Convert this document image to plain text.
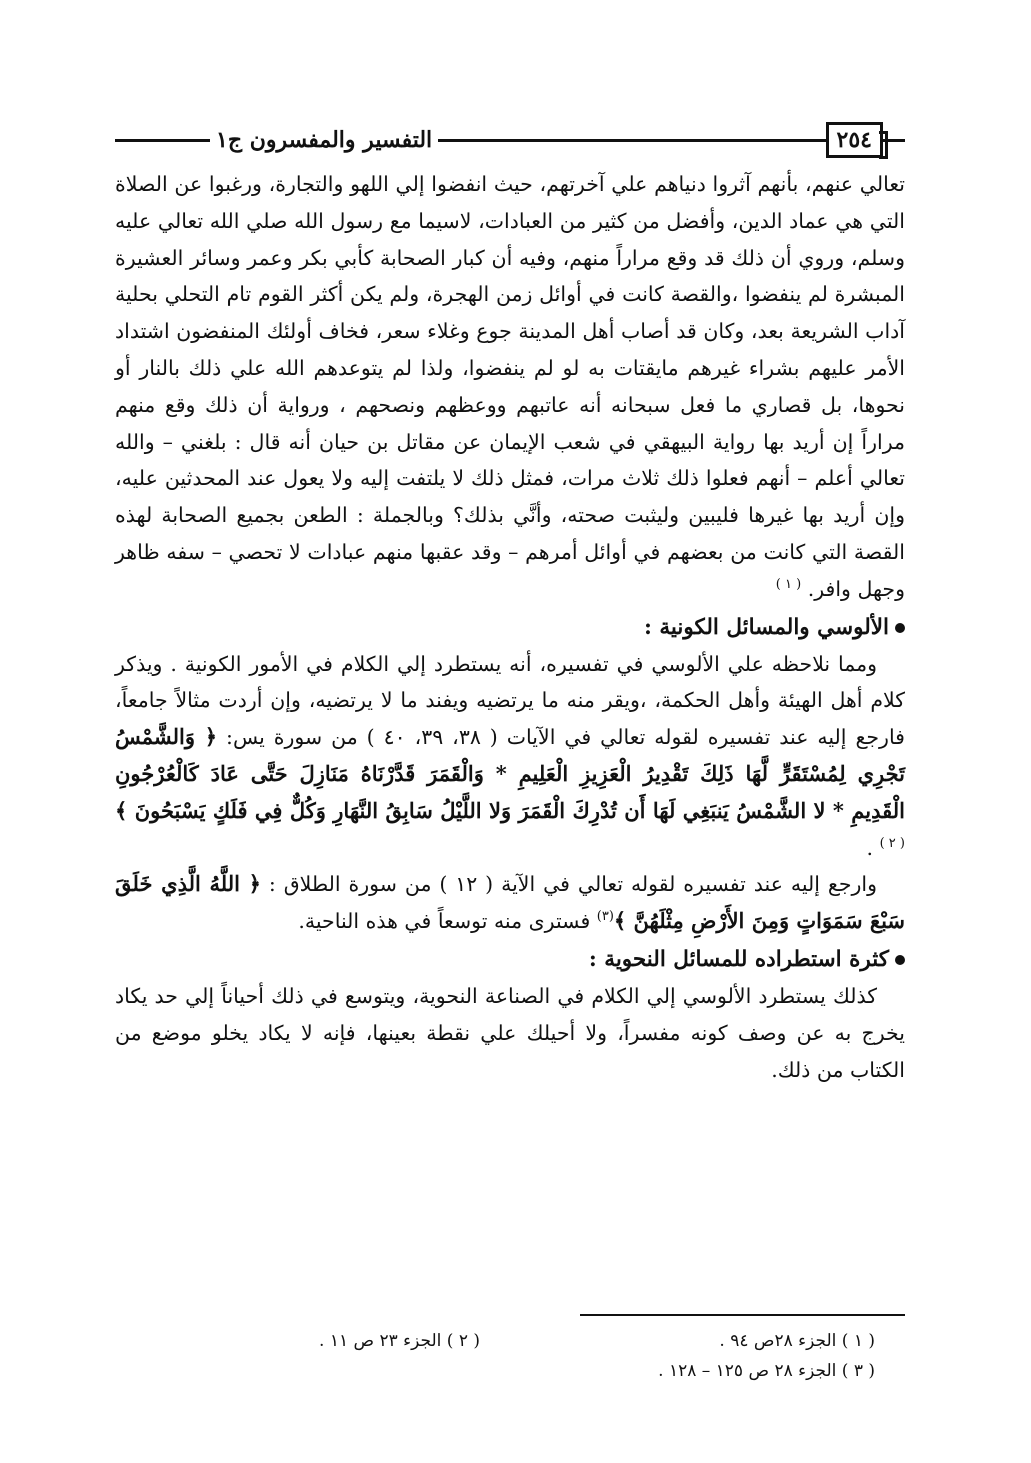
٢٥٤
التفسير والمفسرون ج١

تعالي عنهم، بأنهم آثروا دنياهم علي آخرتهم، حيث انفضوا إلي اللهو والتجارة، ورغبوا عن الصلاة التي هي عماد الدين، وأفضل من كثير من العبادات، لاسيما مع رسول الله صلي الله تعالي عليه وسلم، وروي أن ذلك قد وقع مراراً منهم، وفيه أن كبار الصحابة كأبي بكر وعمر وسائر العشيرة المبشرة لم ينفضوا ،والقصة كانت في أوائل زمن الهجرة، ولم يكن أكثر القوم تام التحلي بحلية آداب الشريعة بعد، وكان قد أصاب أهل المدينة جوع وغلاء سعر، فخاف أولئك المنفضون اشتداد الأمر عليهم بشراء غيرهم مايقتات به لو لم ينفضوا، ولذا لم يتوعدهم الله علي ذلك بالنار أو نحوها، بل قصاري ما فعل سبحانه أنه عاتبهم ووعظهم ونصحهم ، ورواية أن ذلك وقع منهم مراراً إن أريد بها رواية البيهقي في شعب الإيمان عن مقاتل بن حيان أنه قال : بلغني – والله تعالي أعلم – أنهم فعلوا ذلك ثلاث مرات، فمثل ذلك لا يلتفت إليه ولا يعول عند المحدثين عليه، وإن أريد بها غيرها فليبين وليثبت صحته، وأنَّي بذلك؟ وبالجملة : الطعن بجميع الصحابة لهذه القصة التي كانت من بعضهم في أوائل أمرهم – وقد عقبها منهم عبادات لا تحصي – سفه ظاهر وجهل وافر. $^{( ١ )}$

الألوسي والمسائل الكونية :

ومما نلاحظه علي الألوسي في تفسيره، أنه يستطرد إلي الكلام في الأمور الكونية . ويذكر كلام أهل الهيئة وأهل الحكمة، ،ويقر منه ما يرتضيه ويفند ما لا يرتضيه، وإن أردت مثالاً جامعاً، فارجع إليه عند تفسيره لقوله تعالي في الآيات ( ٣٨، ٣٩، ٤٠ ) من سورة يس: ﴿ وَالشَّمْسُ تَجْرِي لِمُسْتَقَرٍّ لَّهَا ذَلِكَ تَقْدِيرُ الْعَزِيزِ الْعَلِيمِ * وَالْقَمَرَ قَدَّرْنَاهُ مَنَازِلَ حَتَّى عَادَ كَالْعُرْجُونِ الْقَدِيمِ * لا الشَّمْسُ يَنبَغِي لَهَا أَن تُدْرِكَ الْقَمَرَ وَلا اللَّيْلُ سَابِقُ النَّهَارِ وَكُلٌّ فِي فَلَكٍ يَسْبَحُونَ ﴾ $^{( ٢ )}$ .

وارجع إليه عند تفسيره لقوله تعالي في الآية ( ١٢ ) من سورة الطلاق : ﴿ اللَّهُ الَّذِي خَلَقَ سَبْعَ سَمَوَاتٍ وَمِنَ الأَرْضِ مِثْلَهُنَّ ﴾$^{(٣)}$ فسترى منه توسعاً في هذه الناحية.

كثرة استطراده للمسائل النحوية :

كذلك يستطرد الألوسي إلي الكلام في الصناعة النحوية، ويتوسع في ذلك أحياناً إلي حد يكاد يخرج به عن وصف كونه مفسراً، ولا أحيلك علي نقطة بعينها، فإنه لا يكاد يخلو موضع من الكتاب من ذلك.

( ١ ) الجزء ٢٨ص ٩٤ .
( ٢ ) الجزء ٢٣ ص ١١ .
( ٣ ) الجزء ٢٨ ص ١٢٥ – ١٢٨ .
